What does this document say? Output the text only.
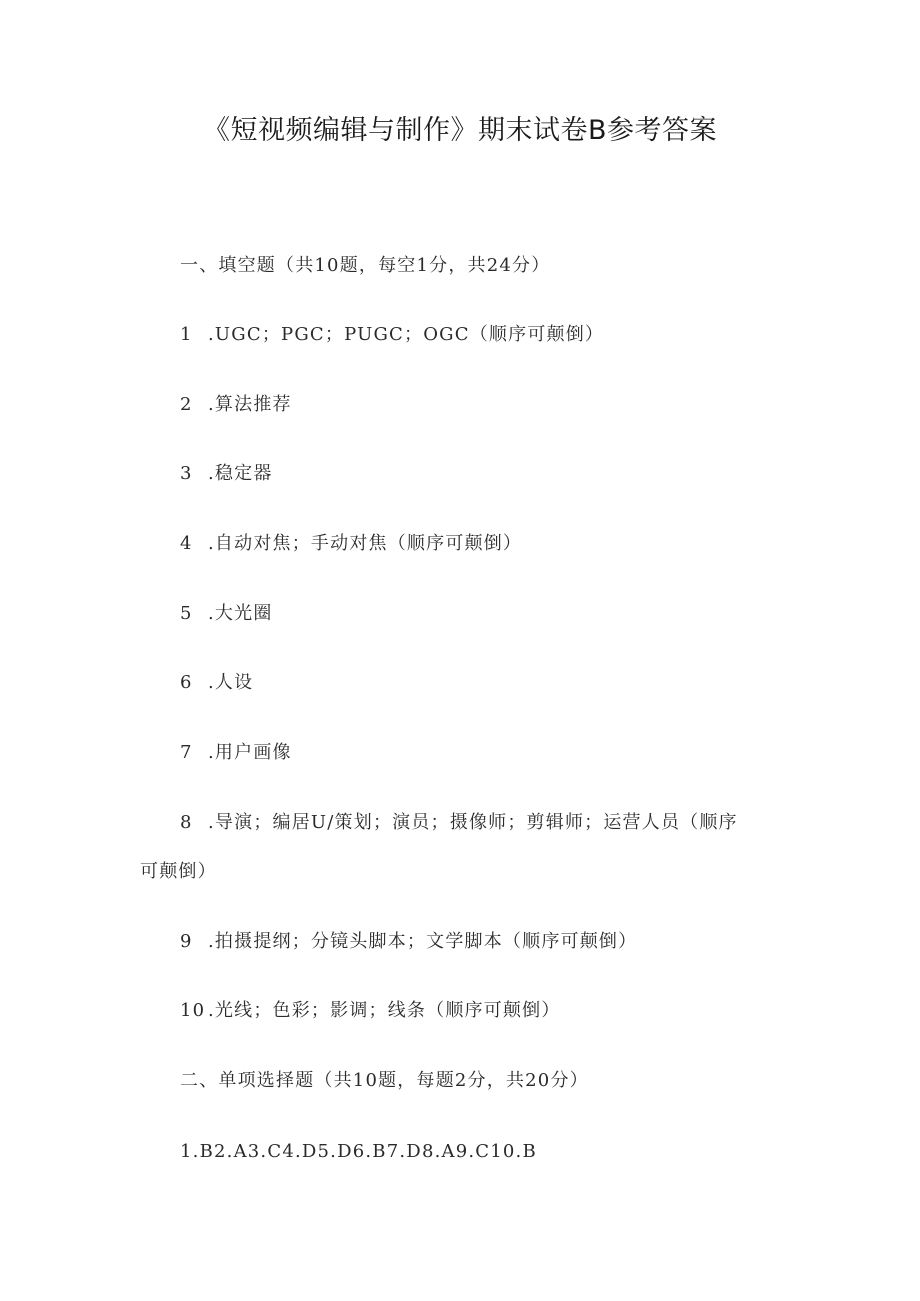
《短视频编辑与制作》期末试卷B参考答案
一、填空题（共10题，每空1分，共24分）
1 .UGC；PGC；PUGC；OGC（顺序可颠倒）
2 .算法推荐
3 .稳定器
4 .自动对焦；手动对焦（顺序可颠倒）
5 .大光圈
6 .人设
7 .用户画像
8 .导演；编居U/策划；演员；摄像师；剪辑师；运营人员（顺序
可颠倒）
9 .拍摄提纲；分镜头脚本；文学脚本（顺序可颠倒）
10 .光线；色彩；影调；线条（顺序可颠倒）
二、单项选择题（共10题，每题2分，共20分）
1.B2.A3.C4.D5.D6.B7.D8.A9.C10.B
